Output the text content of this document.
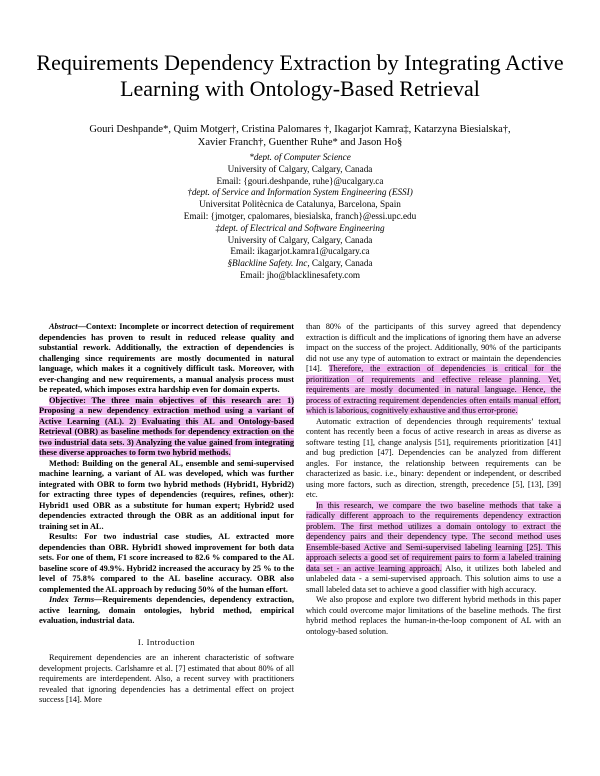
Requirements Dependency Extraction by Integrating Active Learning with Ontology-Based Retrieval
Gouri Deshpande*, Quim Motger†, Cristina Palomares †, Ikagarjot Kamra‡, Katarzyna Biesialska†,
Xavier Franch†, Guenther Ruhe* and Jason Ho§
*dept. of Computer Science
University of Calgary, Calgary, Canada
Email: {gouri.deshpande, ruhe}@ucalgary.ca
†dept. of Service and Information System Engineering (ESSI)
Universitat Politècnica de Catalunya, Barcelona, Spain
Email: {jmotger, cpalomares, biesialska, franch}@essi.upc.edu
‡dept. of Electrical and Software Engineering
University of Calgary, Calgary, Canada
Email: ikagarjot.kamra1@ucalgary.ca
§Blackline Safety. Inc, Calgary, Canada
Email: jho@blacklinesafety.com

Abstract—Context: Incomplete or incorrect detection of requirement dependencies has proven to result in reduced release quality and substantial rework. Additionally, the extraction of dependencies is challenging since requirements are mostly documented in natural language, which makes it a cognitively difficult task. Moreover, with ever-changing and new requirements, a manual analysis process must be repeated, which imposes extra hardship even for domain experts.

Objective: The three main objectives of this research are: 1) Proposing a new dependency extraction method using a variant of Active Learning (AL). 2) Evaluating this AL and Ontology-based Retrieval (OBR) as baseline methods for dependency extraction on the two industrial data sets. 3) Analyzing the value gained from integrating these diverse approaches to form two hybrid methods.

Method: Building on the general AL, ensemble and semi-supervised machine learning, a variant of AL was developed, which was further integrated with OBR to form two hybrid methods (Hybrid1, Hybrid2) for extracting three types of dependencies (requires, refines, other): Hybrid1 used OBR as a substitute for human expert; Hybrid2 used dependencies extracted through the OBR as an additional input for training set in AL.

Results: For two industrial case studies, AL extracted more dependencies than OBR. Hybrid1 showed improvement for both data sets. For one of them, F1 score increased to 82.6 % compared to the AL baseline score of 49.9%. Hybrid2 increased the accuracy by 25 % to the level of 75.8% compared to the AL baseline accuracy. OBR also complemented the AL approach by reducing 50% of the human effort.

Index Terms—Requirements dependencies, dependency extraction, active learning, domain ontologies, hybrid method, empirical evaluation, industrial data.

I. Introduction

Requirement dependencies are an inherent characteristic of software development projects. Carlshamre et al. [7] estimated that about 80% of all requirements are interdependent. Also, a recent survey with practitioners revealed that ignoring dependencies has a detrimental effect on project success [14]. More

than 80% of the participants of this survey agreed that dependency extraction is difficult and the implications of ignoring them have an adverse impact on the success of the project. Additionally, 90% of the participants did not use any type of automation to extract or maintain the dependencies [14]. Therefore, the extraction of dependencies is critical for the prioritization of requirements and effective release planning. Yet, requirements are mostly documented in natural language. Hence, the process of extracting requirement dependencies often entails manual effort, which is laborious, cognitively exhaustive and thus error-prone.

Automatic extraction of dependencies through requirements’ textual content has recently been a focus of active research in areas as diverse as software testing [1], change analysis [51], requirements prioritization [41] and bug prediction [47]. Dependencies can be analyzed from different angles. For instance, the relationship between requirements can be characterized as basic. i.e., binary: dependent or independent, or described using more factors, such as direction, strength, precedence [5], [13], [39] etc.

In this research, we compare the two baseline methods that take a radically different approach to the requirements dependency extraction problem. The first method utilizes a domain ontology to extract the dependency pairs and their dependency type. The second method uses Ensemble-based Active and Semi-supervised labeling learning [25]. This approach selects a good set of requirement pairs to form a labeled training data set - an active learning approach. Also, it utilizes both labeled and unlabeled data - a semi-supervised approach. This solution aims to use a small labeled data set to achieve a good classifier with high accuracy.

We also propose and explore two different hybrid methods in this paper which could overcome major limitations of the baseline methods. The first hybrid method replaces the human-in-the-loop component of AL with an ontology-based solution.
